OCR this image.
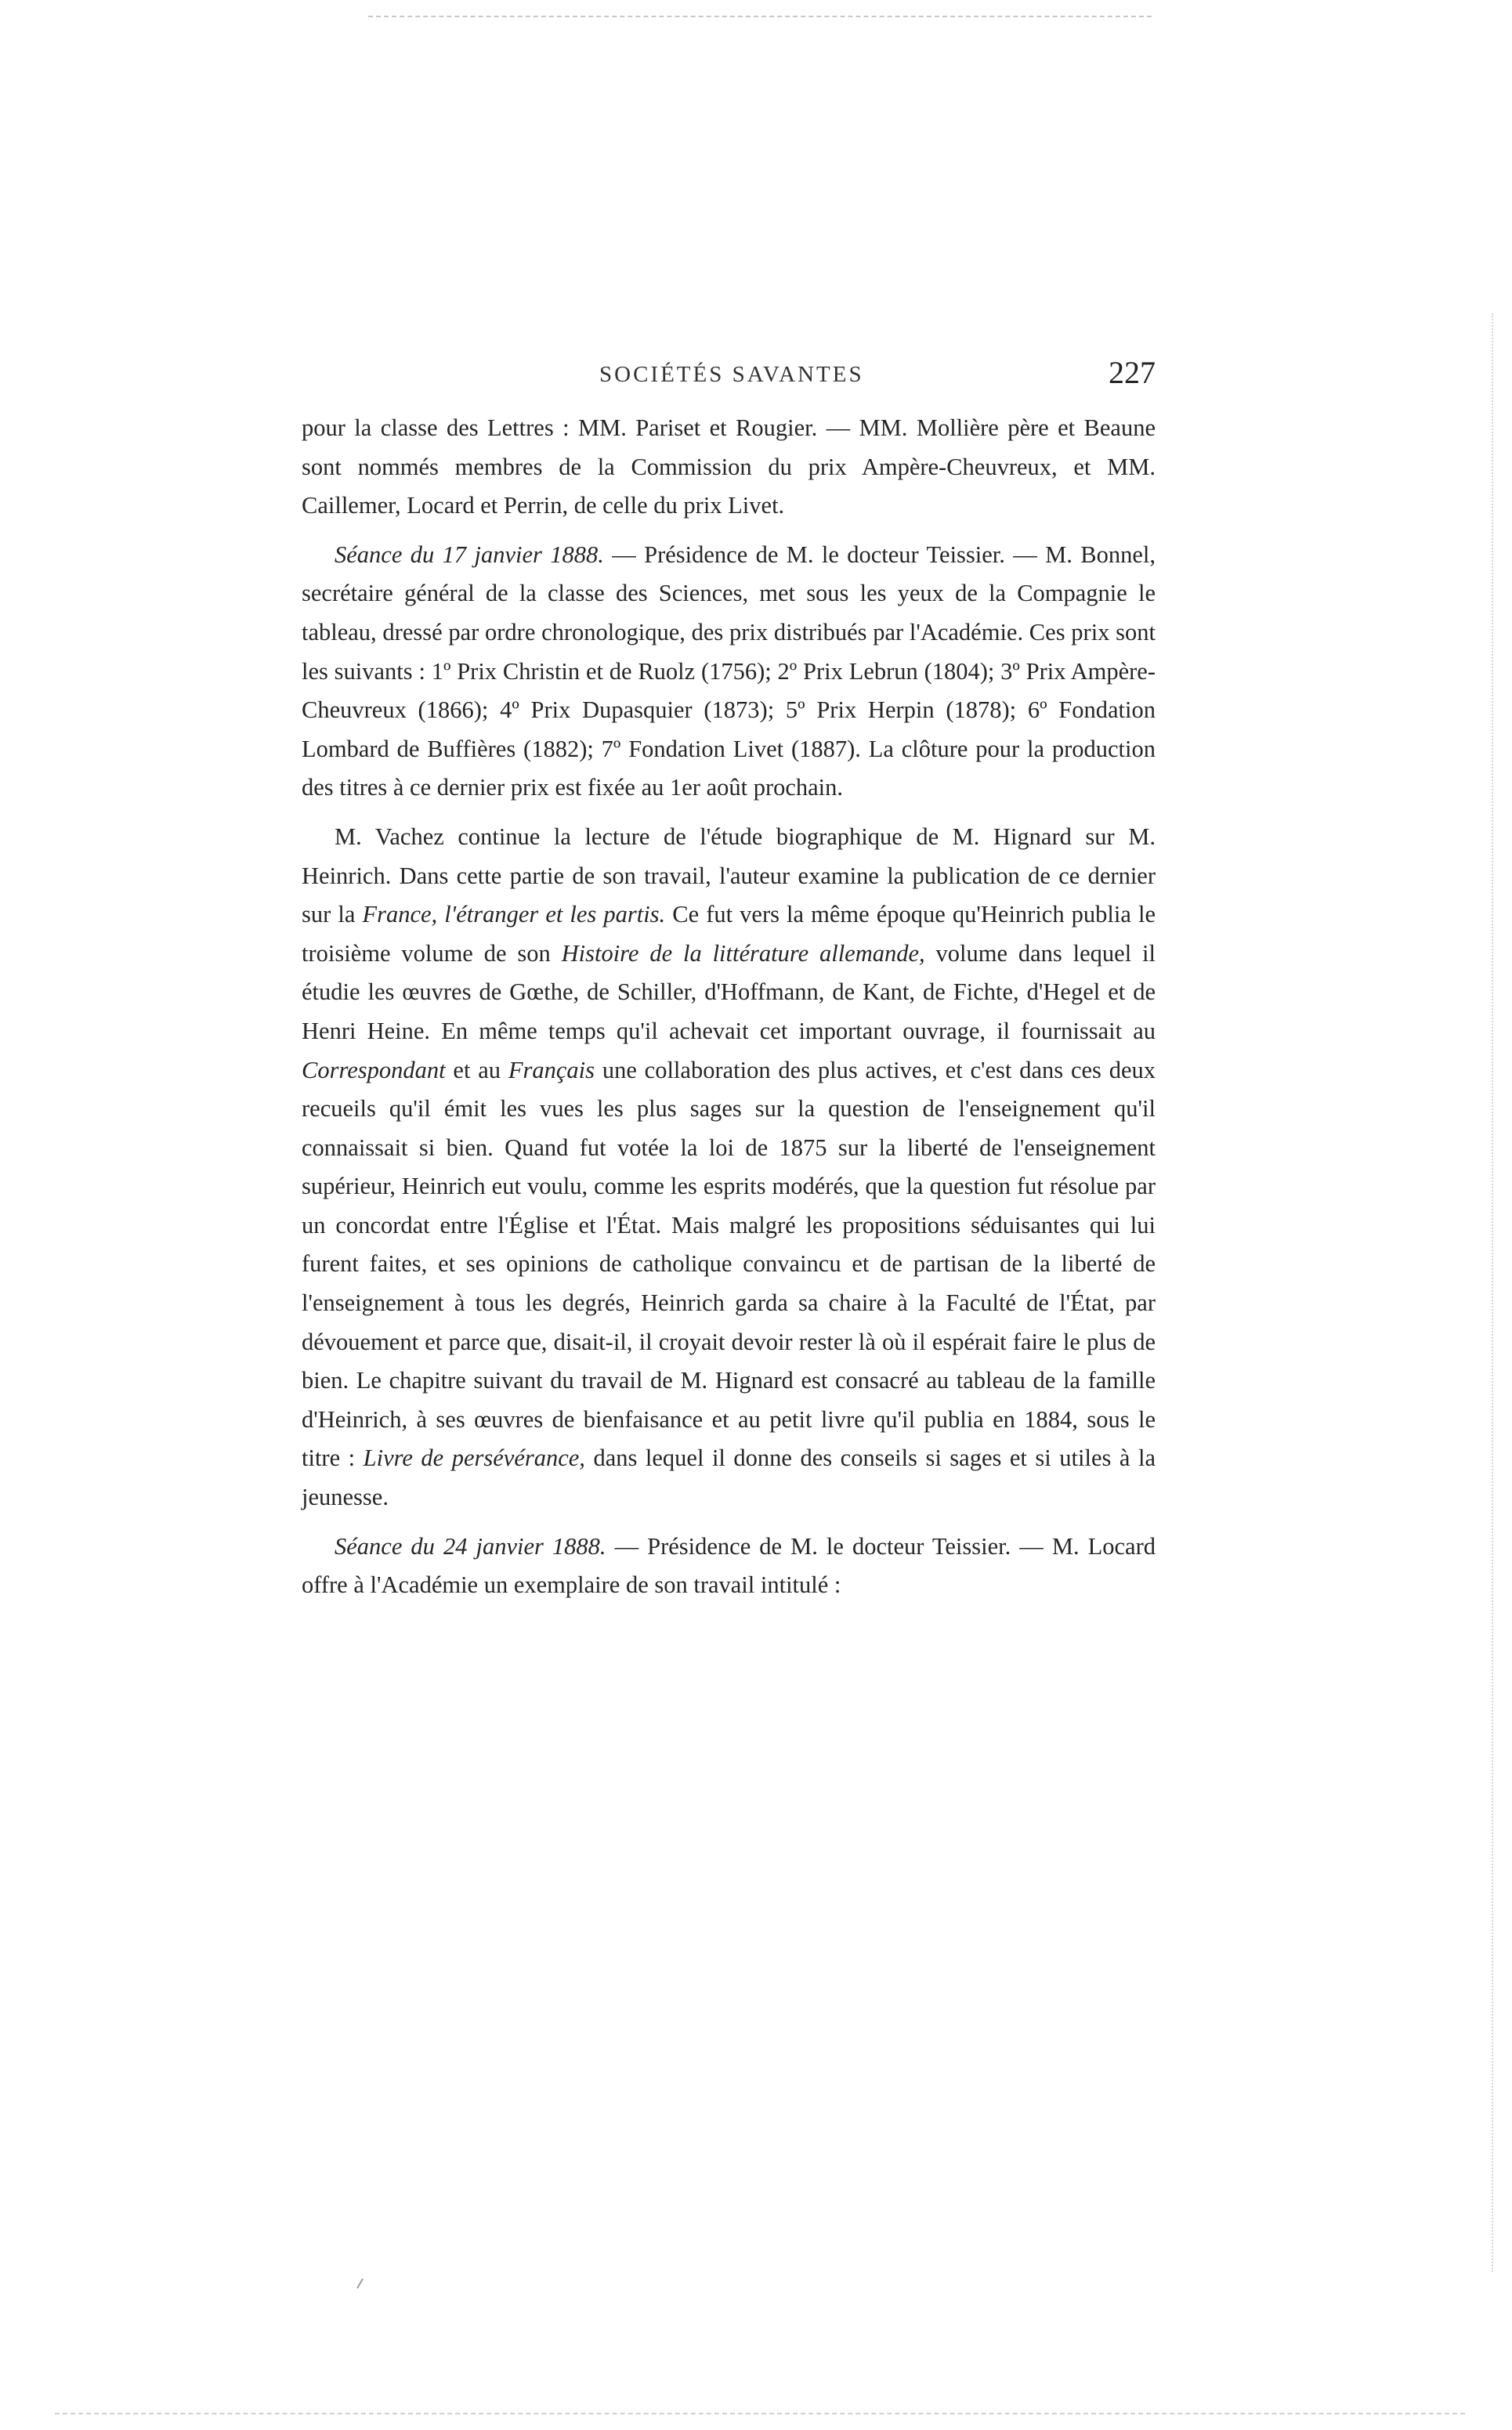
SOCIÉTÉS SAVANTES	227

pour la classe des Lettres : MM. Pariset et Rougier. — MM. Mollière père et Beaune sont nommés membres de la Commission du prix Ampère-Cheuvreux, et MM. Caillemer, Locard et Perrin, de celle du prix Livet.

Séance du 17 janvier 1888. — Présidence de M. le docteur Teissier. — M. Bonnel, secrétaire général de la classe des Sciences, met sous les yeux de la Compagnie le tableau, dressé par ordre chronologique, des prix distribués par l'Académie. Ces prix sont les suivants : 1º Prix Christin et de Ruolz (1756); 2º Prix Lebrun (1804); 3º Prix Ampère-Cheuvreux (1866); 4º Prix Dupasquier (1873); 5º Prix Herpin (1878); 6º Fondation Lombard de Buffières (1882); 7º Fondation Livet (1887). La clôture pour la production des titres à ce dernier prix est fixée au 1er août prochain.

M. Vachez continue la lecture de l'étude biographique de M. Hignard sur M. Heinrich. Dans cette partie de son travail, l'auteur examine la publication de ce dernier sur la France, l'étranger et les partis. Ce fut vers la même époque qu'Heinrich publia le troisième volume de son Histoire de la littérature allemande, volume dans lequel il étudie les œuvres de Gœthe, de Schiller, d'Hoffmann, de Kant, de Fichte, d'Hegel et de Henri Heine. En même temps qu'il achevait cet important ouvrage, il fournissait au Correspondant et au Français une collaboration des plus actives, et c'est dans ces deux recueils qu'il émit les vues les plus sages sur la question de l'enseignement qu'il connaissait si bien. Quand fut votée la loi de 1875 sur la liberté de l'enseignement supérieur, Heinrich eut voulu, comme les esprits modérés, que la question fut résolue par un concordat entre l'Église et l'État. Mais malgré les propositions séduisantes qui lui furent faites, et ses opinions de catholique convaincu et de partisan de la liberté de l'enseignement à tous les degrés, Heinrich garda sa chaire à la Faculté de l'État, par dévouement et parce que, disait-il, il croyait devoir rester là où il espérait faire le plus de bien. Le chapitre suivant du travail de M. Hignard est consacré au tableau de la famille d'Heinrich, à ses œuvres de bienfaisance et au petit livre qu'il publia en 1884, sous le titre : Livre de persévérance, dans lequel il donne des conseils si sages et si utiles à la jeunesse.

Séance du 24 janvier 1888. — Présidence de M. le docteur Teissier. — M. Locard offre à l'Académie un exemplaire de son travail intitulé :
